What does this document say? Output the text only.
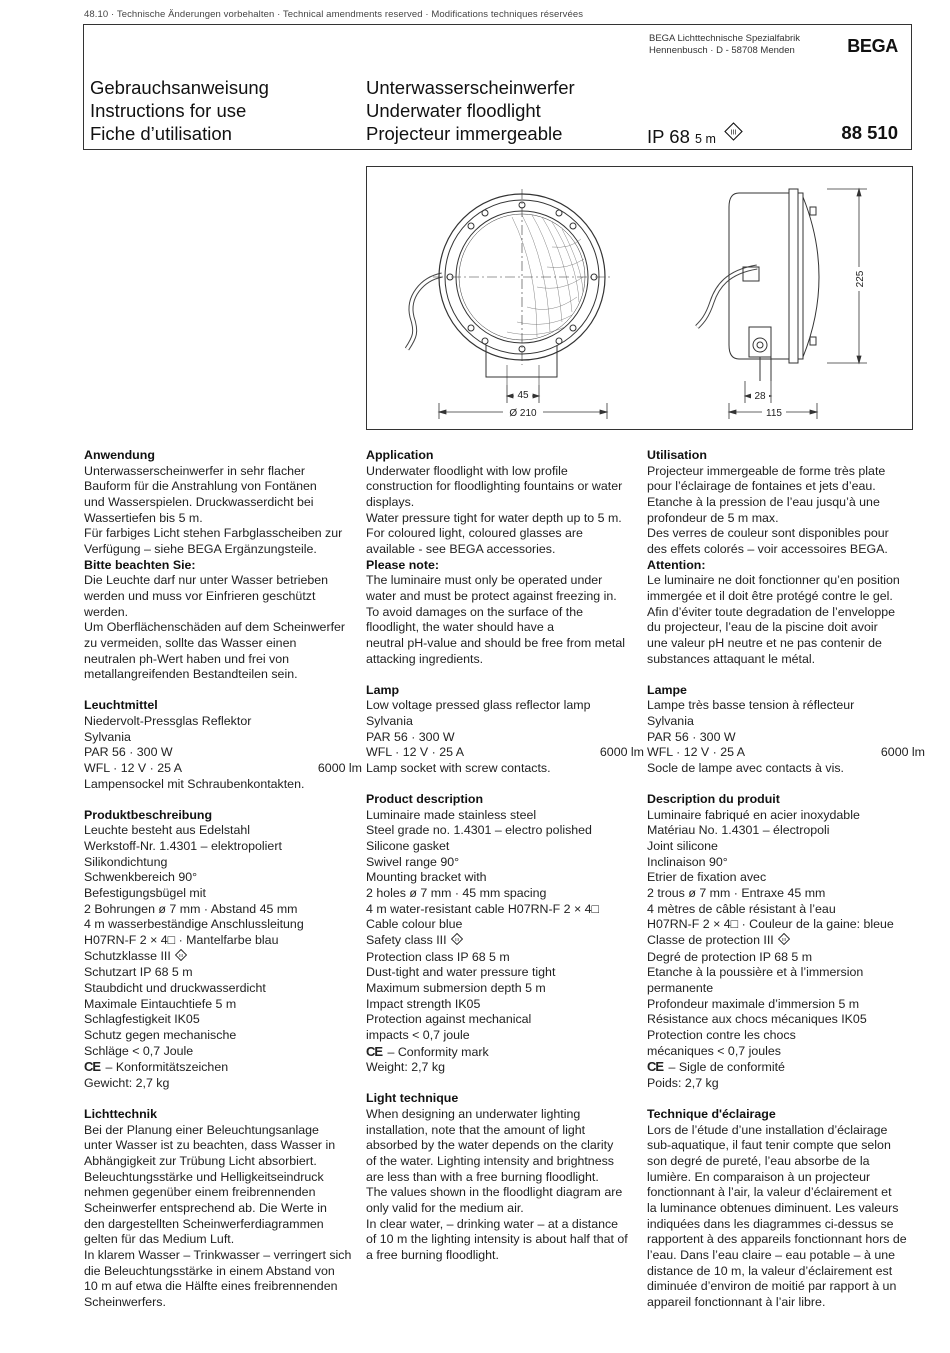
48.10 · Technische Änderungen vorbehalten · Technical amendments reserved · Modifications techniques réservées
BEGA Lichttechnische Spezialfabrik
Hennenbusch · D - 58708 Menden	BEGA
Gebrauchsanweisung
Instructions for use
Fiche d’utilisation
Unterwasserscheinwerfer
Underwater floodlight
Projecteur immergeable	IP 68 5 m III	88 510
45
Ø 210
225
28
115
Anwendung
Unterwasserscheinwerfer in sehr flacher
Bauform für die Anstrahlung von Fontänen
und Wasserspielen. Druckwasserdicht bei
Wassertiefen bis 5 m.
Für farbiges Licht stehen Farbglasscheiben zur
Verfügung – siehe BEGA Ergänzungsteile.
Bitte beachten Sie:
Die Leuchte darf nur unter Wasser betrieben
werden und muss vor Einfrieren geschützt
werden.
Um Oberflächenschäden auf dem Scheinwerfer
zu vermeiden, sollte das Wasser einen
neutralen ph-Wert haben und frei von
metallangreifenden Bestandteilen sein.
Leuchtmittel
Niedervolt-Pressglas Reflektor
Sylvania
PAR 56 · 300 W
WFL · 12 V · 25 A	6000 lm
Lampensockel mit Schraubenkontakten.
Produktbeschreibung
Leuchte besteht aus Edelstahl
Werkstoff-Nr. 1.4301 – elektropoliert
Silikondichtung
Schwenkbereich 90°
Befestigungsbügel mit
2 Bohrungen ø 7 mm · Abstand 45 mm
4 m wasserbeständige Anschlussleitung
H07RN-F 2 × 4□ · Mantelfarbe blau
Schutzklasse III III
Schutzart IP 68 5 m
Staubdicht und druckwasserdicht
Maximale Eintauchtiefe 5 m
Schlagfestigkeit IK05
Schutz gegen mechanische
Schläge < 0,7 Joule
CE – Konformitätszeichen
Gewicht: 2,7 kg
Lichttechnik
Bei der Planung einer Beleuchtungsanlage
unter Wasser ist zu beachten, dass Wasser in
Abhängigkeit zur Trübung Licht absorbiert.
Beleuchtungsstärke und Helligkeitseindruck
nehmen gegenüber einem freibrennenden
Scheinwerfer entsprechend ab. Die Werte in
den dargestellten Scheinwerferdiagrammen
gelten für das Medium Luft.
In klarem Wasser – Trinkwasser – verringert sich
die Beleuchtungsstärke in einem Abstand von
10 m auf etwa die Hälfte eines freibrennenden
Scheinwerfers.
Application
Underwater floodlight with low profile
construction for floodlighting fountains or water
displays.
Water pressure tight for water depth up to 5 m.
For coloured light, coloured glasses are
available - see BEGA accessories.
Please note:
The luminaire must only be operated under
water and must be protect against freezing in.
To avoid damages on the surface of the
floodlight, the water should have a
neutral pH-value and should be free from metal
attacking ingredients.
Lamp
Low voltage pressed glass reflector lamp
Sylvania
PAR 56 · 300 W
WFL · 12 V · 25 A	6000 lm
Lamp socket with screw contacts.
Product description
Luminaire made stainless steel
Steel grade no. 1.4301 – electro polished
Silicone gasket
Swivel range 90°
Mounting bracket with
2 holes ø 7 mm · 45 mm spacing
4 m water-resistant cable H07RN-F 2 × 4□
Cable colour blue
Safety class III III
Protection class IP 68 5 m
Dust-tight and water pressure tight
Maximum submersion depth 5 m
Impact strength IK05
Protection against mechanical
impacts < 0,7 joule
CE – Conformity mark
Weight: 2,7 kg
Light technique
When designing an underwater lighting
installation, note that the amount of light
absorbed by the water depends on the clarity
of the water. Lighting intensity and brightness
are less than with a free burning floodlight.
The values shown in the floodlight diagram are
only valid for the medium air.
In clear water, – drinking water – at a distance
of 10 m the lighting intensity is about half that of
a free burning floodlight.
Utilisation
Projecteur immergeable de forme très plate
pour l’éclairage de fontaines et jets d’eau.
Etanche à la pression de l’eau jusqu’à une
profondeur de 5 m max.
Des verres de couleur sont disponibles pour
des effets colorés – voir accessoires BEGA.
Attention:
Le luminaire ne doit fonctionner qu’en position
immergée et il doit être protégé contre le gel.
Afin d’éviter toute degradation de l’enveloppe
du projecteur, l’eau de la piscine doit avoir
une valeur pH neutre et ne pas contenir de
substances attaquant le métal.
Lampe
Lampe très basse tension à réflecteur
Sylvania
PAR 56 · 300 W
WFL · 12 V · 25 A	6000 lm
Socle de lampe avec contacts à vis.
Description du produit
Luminaire fabriqué en acier inoxydable
Matériau No. 1.4301 – électropoli
Joint silicone
Inclinaison 90°
Etrier de fixation avec
2 trous ø 7 mm · Entraxe 45 mm
4 mètres de câble résistant à l’eau
H07RN-F 2 × 4□ · Couleur de la gaine: bleue
Classe de protection III III
Degré de protection IP 68 5 m
Etanche à la poussière et à l’immersion
permanente
Profondeur maximale d’immersion 5 m
Résistance aux chocs mécaniques IK05
Protection contre les chocs
mécaniques < 0,7 joules
CE – Sigle de conformité
Poids: 2,7 kg
Technique d'éclairage
Lors de l’étude d’une installation d’éclairage
sub-aquatique, il faut tenir compte que selon
son degré de pureté, l’eau absorbe de la
lumière. En comparaison à un projecteur
fonctionnant à l’air, la valeur d’éclairement et
la luminance obtenues diminuent. Les valeurs
indiquées dans les diagrammes ci-dessus se
rapportent à des appareils fonctionnant hors de
l’eau. Dans l’eau claire – eau potable – à une
distance de 10 m, la valeur d’éclairement est
diminuée d’environ de moitié par rapport à un
appareil fonctionnant à l’air libre.
